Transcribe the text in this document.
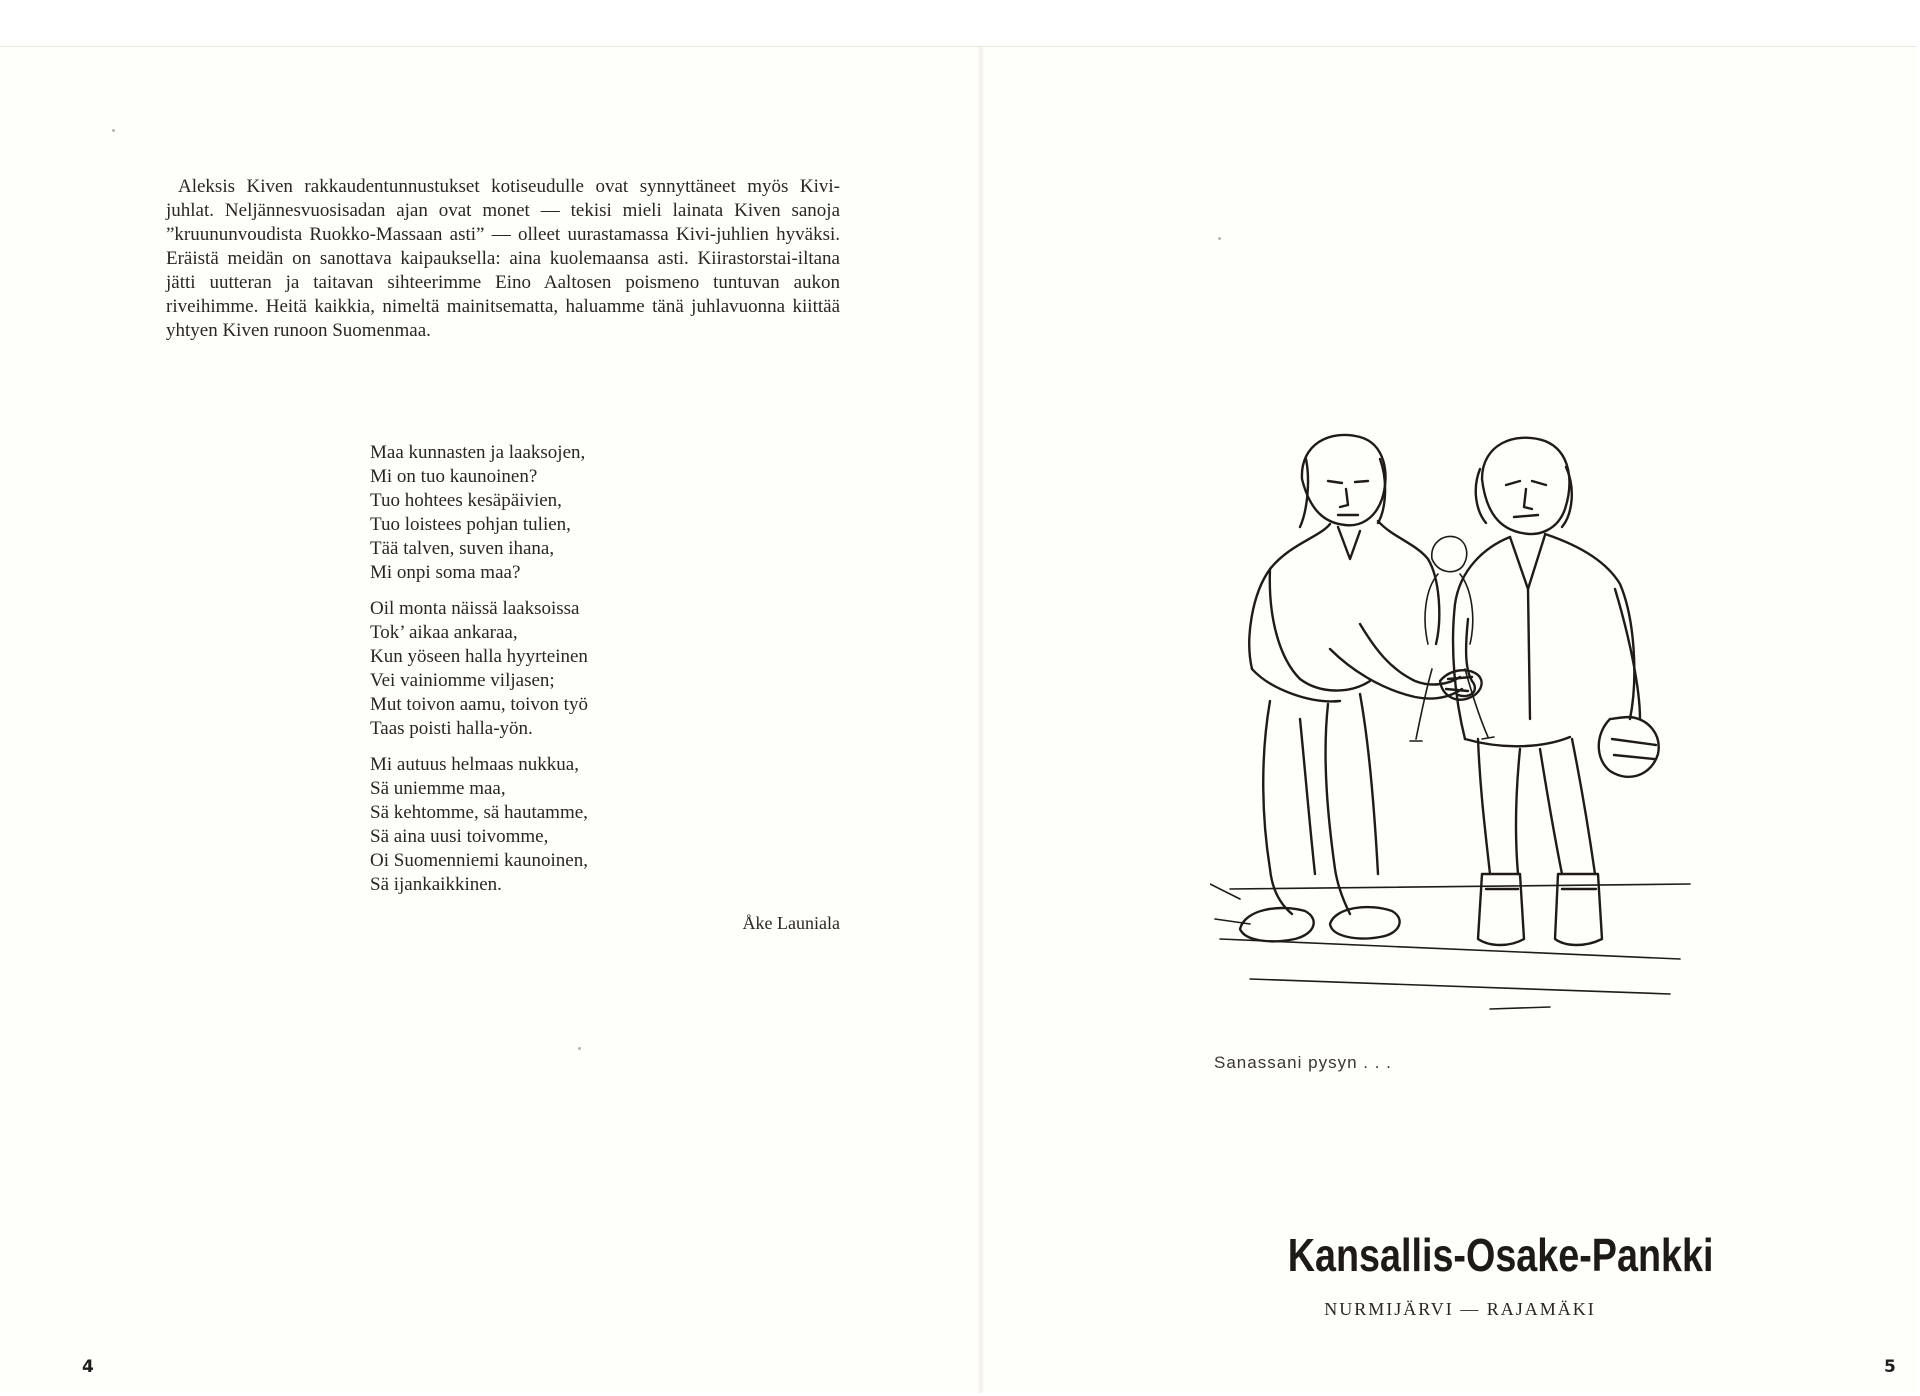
Aleksis Kiven rakkaudentunnustukset kotiseudulle ovat synnyttäneet myös Kivi-juhlat. Neljännesvuosisadan ajan ovat monet — tekisi mieli lainata Kiven sanoja ”kruununvoudista Ruokko-Massaan asti” — olleet uurastamassa Kivi-juhlien hyväksi. Eräistä meidän on sanottava kaipauksella: aina kuolemaansa asti. Kiirastorstai-iltana jätti uutteran ja taitavan sihteerimme Eino Aaltosen poismeno tuntuvan aukon riveihimme. Heitä kaikkia, nimeltä mainitsematta, haluamme tänä juhlavuonna kiittää yhtyen Kiven runoon Suomenmaa.

Maa kunnasten ja laaksojen,
Mi on tuo kaunoinen?
Tuo hohtees kesäpäivien,
Tuo loistees pohjan tulien,
Tää talven, suven ihana,
Mi onpi soma maa?
Oil monta näissä laaksoissa
Tok’ aikaa ankaraa,
Kun yöseen halla hyyrteinen
Vei vainiomme viljasen;
Mut toivon aamu, toivon työ
Taas poisti halla-yön.
Mi autuus helmaas nukkua,
Sä uniemme maa,
Sä kehtomme, sä hautamme,
Sä aina uusi toivomme,
Oi Suomenniemi kaunoinen,
Sä ijankaikkinen.
Åke Launiala
4
Sanassani pysyn . . .
Kansallis-Osake-Pankki
NURMIJÄRVI — RAJAMÄKI
5
